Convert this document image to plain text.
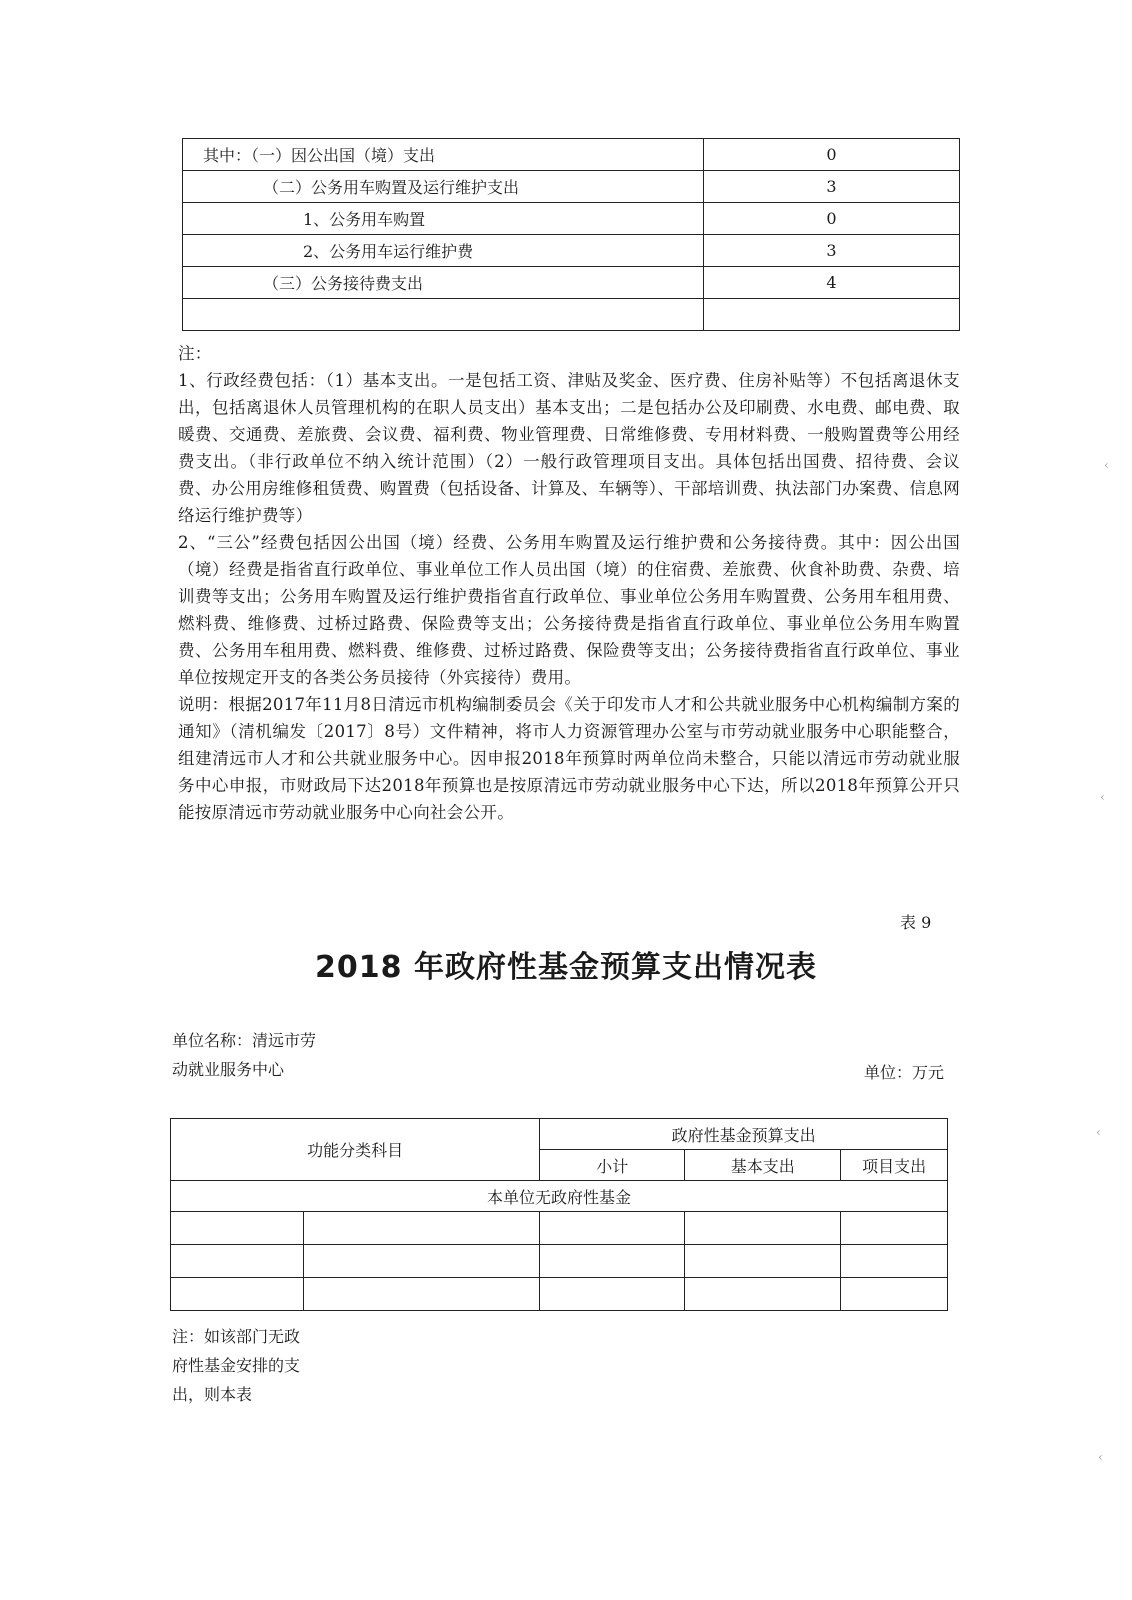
其中：（一）因公出国（境）支出	0
（二）公务用车购置及运行维护支出	3
1、公务用车购置	0
2、公务用车运行维护费	3
（三）公务接待费支出	4

注：

1、行政经费包括：（1）基本支出。一是包括工资、津贴及奖金、医疗费、住房补贴等）不包括离退休支出，包括离退休人员管理机构的在职人员支出）基本支出；二是包括办公及印刷费、水电费、邮电费、取暖费、交通费、差旅费、会议费、福利费、物业管理费、日常维修费、专用材料费、一般购置费等公用经费支出。（非行政单位不纳入统计范围）（2）一般行政管理项目支出。具体包括出国费、招待费、会议费、办公用房维修租赁费、购置费（包括设备、计算及、车辆等）、干部培训费、执法部门办案费、信息网络运行维护费等）

2、“三公”经费包括因公出国（境）经费、公务用车购置及运行维护费和公务接待费。其中：因公出国（境）经费是指省直行政单位、事业单位工作人员出国（境）的住宿费、差旅费、伙食补助费、杂费、培训费等支出；公务用车购置及运行维护费指省直行政单位、事业单位公务用车购置费、公务用车租用费、燃料费、维修费、过桥过路费、保险费等支出；公务接待费是指省直行政单位、事业单位公务用车购置费、公务用车租用费、燃料费、维修费、过桥过路费、保险费等支出；公务接待费指省直行政单位、事业单位按规定开支的各类公务员接待（外宾接待）费用。

说明：根据2017年11月8日清远市机构编制委员会《关于印发市人才和公共就业服务中心机构编制方案的通知》（清机编发〔2017〕8号）文件精神，将市人力资源管理办公室与市劳动就业服务中心职能整合，组建清远市人才和公共就业服务中心。因申报2018年预算时两单位尚未整合，只能以清远市劳动就业服务中心申报，市财政局下达2018年预算也是按原清远市劳动就业服务中心下达，所以2018年预算公开只能按原清远市劳动就业服务中心向社会公开。

表 9
2018 年政府性基金预算支出情况表
单位名称：清远市劳动就业服务中心	单位：万元
功能分类科目		政府性基金预算支出		
		小计	基本支出	项目支出
本单位无政府性基金				

注：如该部门无政府性基金安排的支出，则本表
‹
‹
‹
‹
